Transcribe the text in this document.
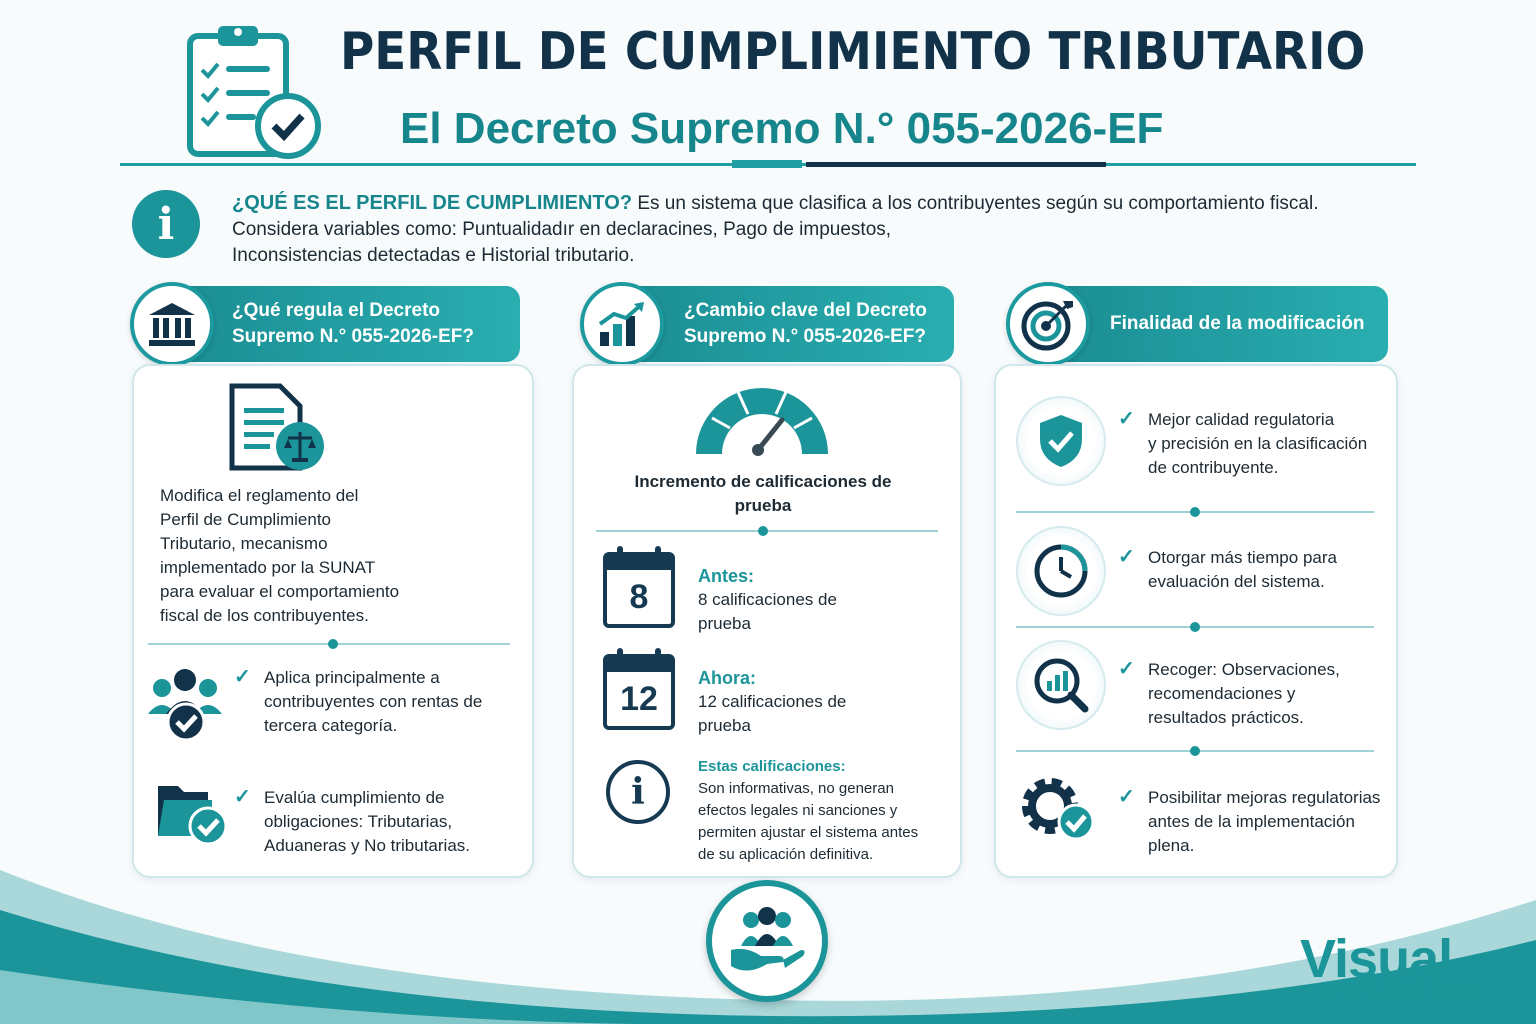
PERFIL DE CUMPLIMIENTO TRIBUTARIO
El Decreto Supremo N.° 055-2026-EF
i	¿QUÉ ES EL PERFIL DE CUMPLIMIENTO? Es un sistema que clasifica a los contribuyentes según su comportamiento fiscal.
Considera variables como: Puntualidadır en declaracines, Pago de impuestos,
Inconsistencias detectadas e Historial tributario.
¿Qué regula el Decreto
Supremo N.° 055-2026-EF?
Modifica el reglamento del
Perfil de Cumplimiento
Tributario, mecanismo
implementado por la SUNAT
para evaluar el comportamiento
fiscal de los contribuyentes.
✓ Aplica principalmente a
contribuyentes con rentas de
tercera categoría.
✓ Evalúa cumplimiento de
obligaciones: Tributarias,
Aduaneras y No tributarias.
¿Cambio clave del Decreto
Supremo N.° 055-2026-EF?
Incremento de calificaciones de
prueba
8
Antes:
8 calificaciones de
prueba
12
Ahora:
12 calificaciones de
prueba
i
Estas calificaciones:
Son informativas, no generan
efectos legales ni sanciones y
permiten ajustar el sistema antes
de su aplicación definitiva.
Finalidad de la modificación
✓ Mejor calidad regulatoria
y precisión en la clasificación
de contribuyente.
✓ Otorgar más tiempo para
evaluación del sistema.
✓ Recoger: Observaciones,
recomendaciones y
resultados prácticos.
✓ Posibilitar mejoras regulatorias
antes de la implementación
plena.
Visual
ERP que transforma tu negocio
